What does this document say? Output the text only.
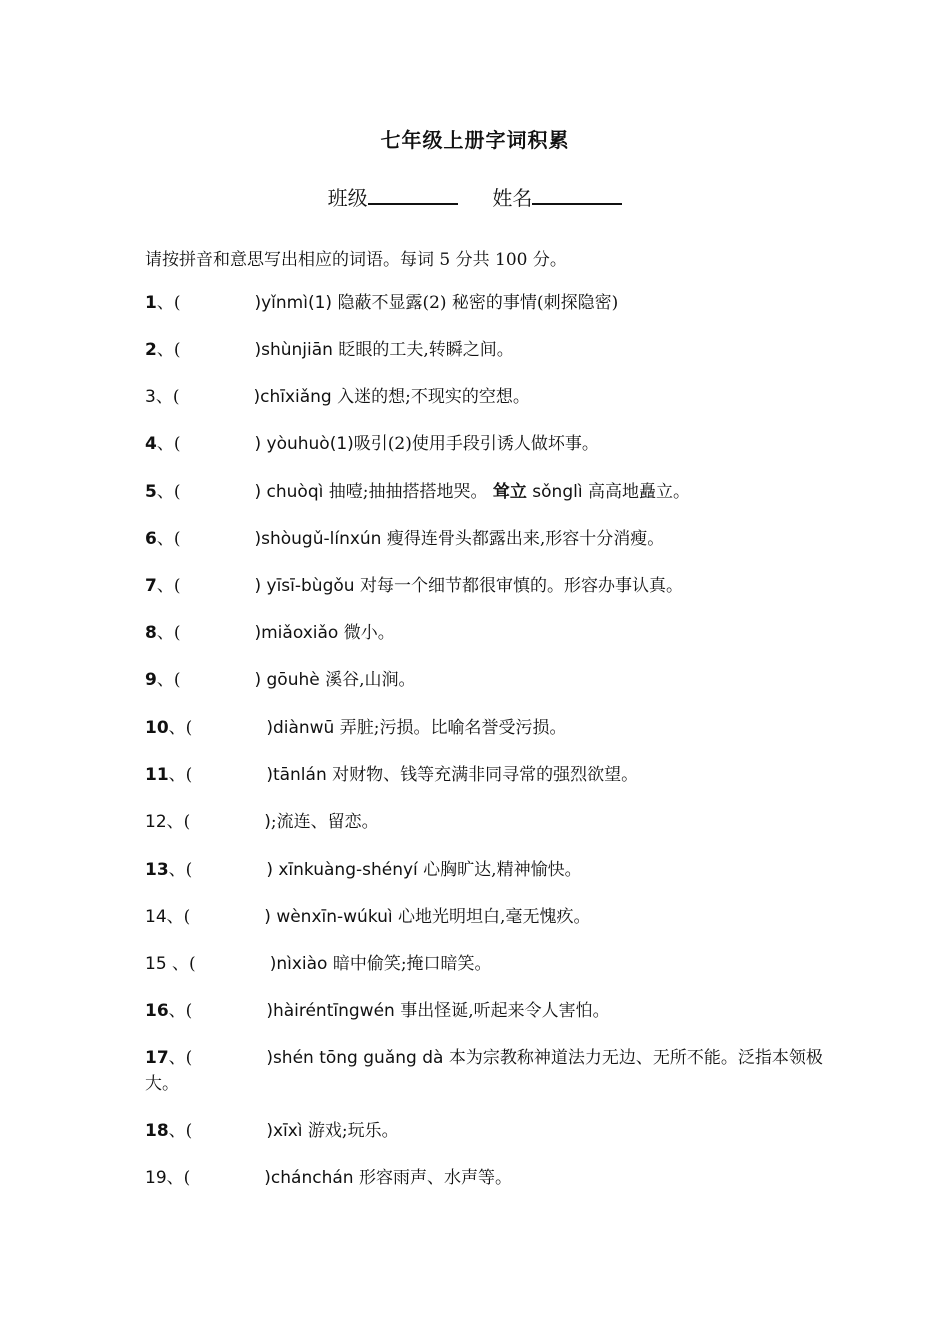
七年级上册字词积累
班级	姓名
请按拼音和意思写出相应的词语。每词 5 分共 100 分。
1、(	)yǐnmì(1) 隐蔽不显露(2) 秘密的事情(刺探隐密)
2、(	)shùnjiān 眨眼的工夫,转瞬之间。
3、(	)chīxiǎng 入迷的想;不现实的空想。
4、(	) yòuhuò(1)吸引(2)使用手段引诱人做坏事。
5、(	) chuòqì 抽噎;抽抽搭搭地哭。 耸立 sǒnglì 高高地矗立。
6、(	)shòugǔ-línxún 瘦得连骨头都露出来,形容十分消瘦。
7、(	) yīsī-bùgǒu 对每一个细节都很审慎的。形容办事认真。
8、(	)miǎoxiǎo 微小。
9、(	) gōuhè 溪谷,山涧。
10、(	)diànwū 弄脏;污损。比喻名誉受污损。
11、(	)tānlán 对财物、钱等充满非同寻常的强烈欲望。
12、(	);流连、留恋。
13、(	) xīnkuàng-shényí 心胸旷达,精神愉快。
14、(	) wènxīn-wúkuì 心地光明坦白,毫无愧疚。
15 、(	)nìxiào 暗中偷笑;掩口暗笑。
16、(	)hàiréntīngwén 事出怪诞,听起来令人害怕。
17、(	)shén tōng guǎng dà 本为宗教称神道法力无边、无所不能。泛指本领极大。
18、(	)xīxì 游戏;玩乐。
19、(	)chánchán 形容雨声、水声等。
